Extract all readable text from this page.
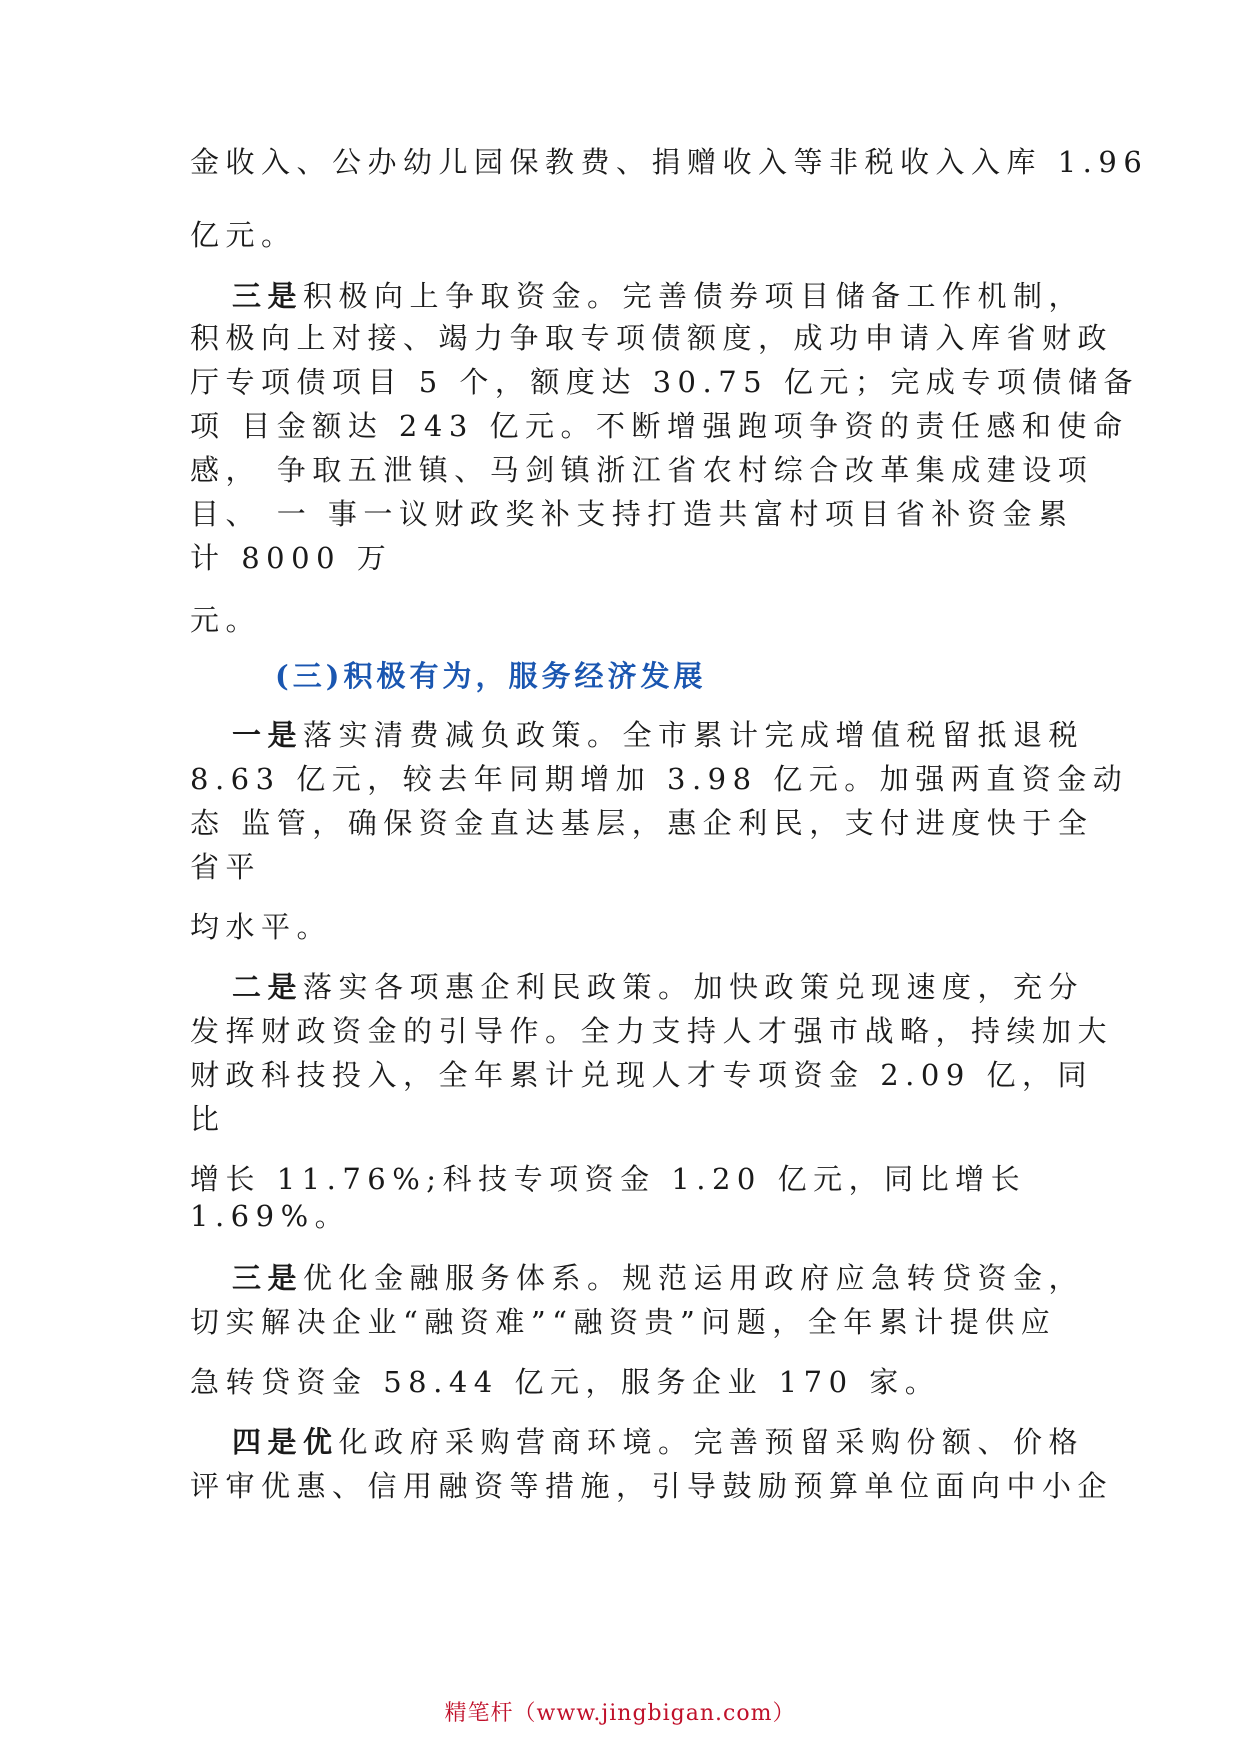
金收入、公办幼儿园保教费、捐赠收入等非税收入入库 1.96
亿元。
三是积极向上争取资金。完善债券项目储备工作机制，
积极向上对接、竭力争取专项债额度，成功申请入库省财政
厅专项债项目 5 个，额度达 30.75 亿元；完成专项债储备
项 目金额达 243 亿元。不断增强跑项争资的责任感和使命
感， 争取五泄镇、马剑镇浙江省农村综合改革集成建设项
目、 一 事一议财政奖补支持打造共富村项目省补资金累
计 8000 万
元。
(三)积极有为，服务经济发展
一是落实清费减负政策。全市累计完成增值税留抵退税
8.63 亿元，较去年同期增加 3.98 亿元。加强两直资金动
态 监管，确保资金直达基层，惠企利民，支付进度快于全
省平
均水平。
二是落实各项惠企利民政策。加快政策兑现速度，充分
发挥财政资金的引导作。全力支持人才强市战略，持续加大
财政科技投入，全年累计兑现人才专项资金 2.09 亿，同
比
增长 11.76%;科技专项资金 1.20 亿元，同比增长
1.69%。
三是优化金融服务体系。规范运用政府应急转贷资金，
切实解决企业“融资难”“融资贵”问题，全年累计提供应
急转贷资金 58.44 亿元，服务企业 170 家。
四是优化政府采购营商环境。完善预留采购份额、价格
评审优惠、信用融资等措施，引导鼓励预算单位面向中小企
精笔杆（www.jingbigan.com）
